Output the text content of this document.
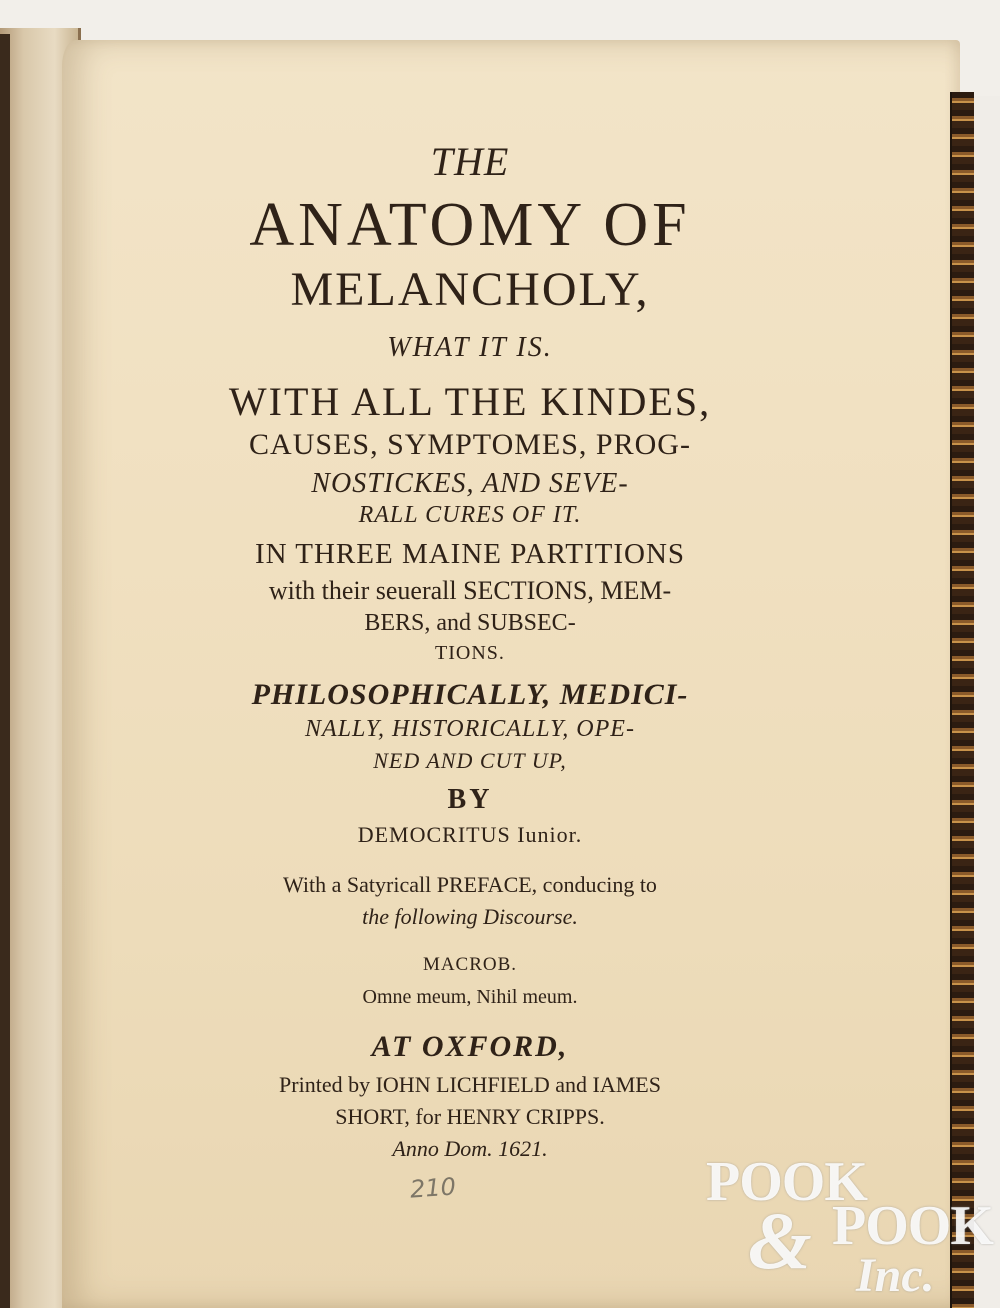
THE
ANATOMY OF
MELANCHOLY,
WHAT IT IS.
WITH ALL THE KINDES,
CAUSES, SYMPTOMES, PROG-
NOSTICKES, AND SEVE-
RALL CURES OF IT.
IN THREE MAINE PARTITIONS
with their seuerall SECTIONS, MEM-
BERS, and SUBSEC-
TIONS.
PHILOSOPHICALLY, MEDICI-
NALLY, HISTORICALLY, OPE-
NED AND CUT UP,
BY
DEMOCRITUS Iunior.
With a Satyricall PREFACE, conducing to
the following Discourse.
MACROB.
Omne meum, Nihil meum.
AT OXFORD,
Printed by IOHN LICHFIELD and IAMES
SHORT, for HENRY CRIPPS.
Anno Dom. 1621.
210	POOK
& POOK
Inc.
